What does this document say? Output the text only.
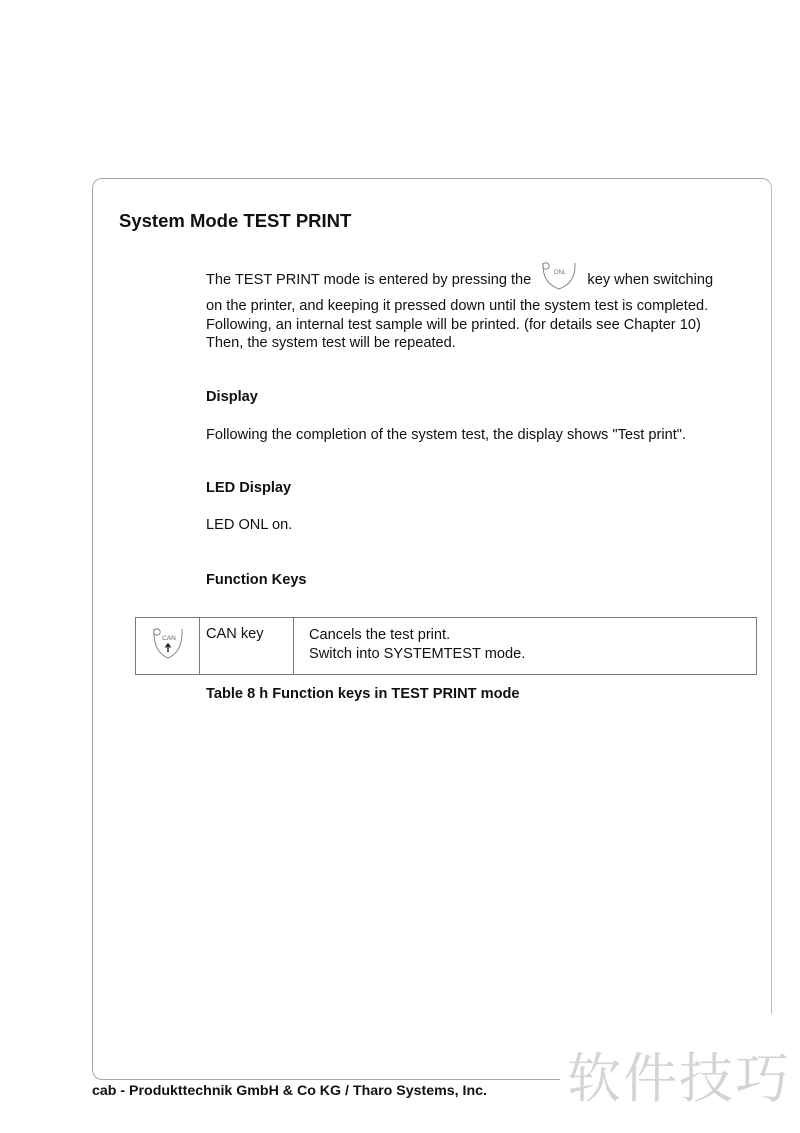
System Mode TEST PRINT
The TEST PRINT mode is entered by pressing the	ONL key when switching
on the printer, and keeping it pressed down until the system test is completed.
Following, an internal test sample will be printed. (for details see Chapter 10)
Then, the system test will be repeated.
Display
Following the completion of the system test, the display shows "Test print".
LED Display
LED ONL on.
Function Keys
CAN	CAN key	Cancels the test print.
Switch into SYSTEMTEST mode.
Table 8 h Function keys in TEST PRINT mode
cab - Produkttechnik GmbH & Co KG / Tharo Systems, Inc. 软件技巧
